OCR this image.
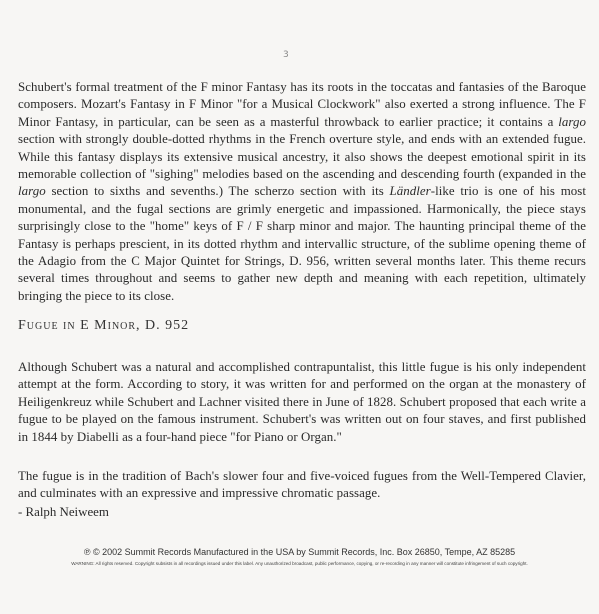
3

Schubert's formal treatment of the F minor Fantasy has its roots in the toccatas and fantasies of the Baroque composers. Mozart's Fantasy in F Minor "for a Musical Clockwork" also exerted a strong influence. The F Minor Fantasy, in particular, can be seen as a masterful throwback to earlier practice; it contains a largo section with strongly double-dotted rhythms in the French overture style, and ends with an extended fugue. While this fantasy displays its extensive musical ancestry, it also shows the deepest emotional spirit in its memorable collection of "sighing" melodies based on the ascending and descending fourth (expanded in the largo section to sixths and sevenths.) The scherzo section with its Ländler-like trio is one of his most monumental, and the fugal sections are grimly energetic and impassioned. Harmonically, the piece stays surprisingly close to the "home" keys of F / F sharp minor and major. The haunting principal theme of the Fantasy is perhaps prescient, in its dotted rhythm and intervallic structure, of the sublime opening theme of the Adagio from the C Major Quintet for Strings, D. 956, written several months later. This theme recurs several times throughout and seems to gather new depth and meaning with each repetition, ultimately bringing the piece to its close.

Fugue in E Minor, D. 952

Although Schubert was a natural and accomplished contrapuntalist, this little fugue is his only independent attempt at the form. According to story, it was written for and performed on the organ at the monastery of Heiligenkreuz while Schubert and Lachner visited there in June of 1828. Schubert proposed that each write a fugue to be played on the famous instrument. Schubert's was written out on four staves, and first published in 1844 by Diabelli as a four-hand piece "for Piano or Organ."

The fugue is in the tradition of Bach's slower four and five-voiced fugues from the Well-Tempered Clavier, and culminates with an expressive and impressive chromatic passage.

- Ralph Neiweem
℗ © 2002 Summit Records Manufactured in the USA by Summit Records, Inc. Box 26850, Tempe, AZ 85285
WARNING: All rights reserved. Copyright subsists in all recordings issued under this label. Any unauthorized broadcast, public performance, copying, or re-recording in any manner will constitute infringement of such copyright.
